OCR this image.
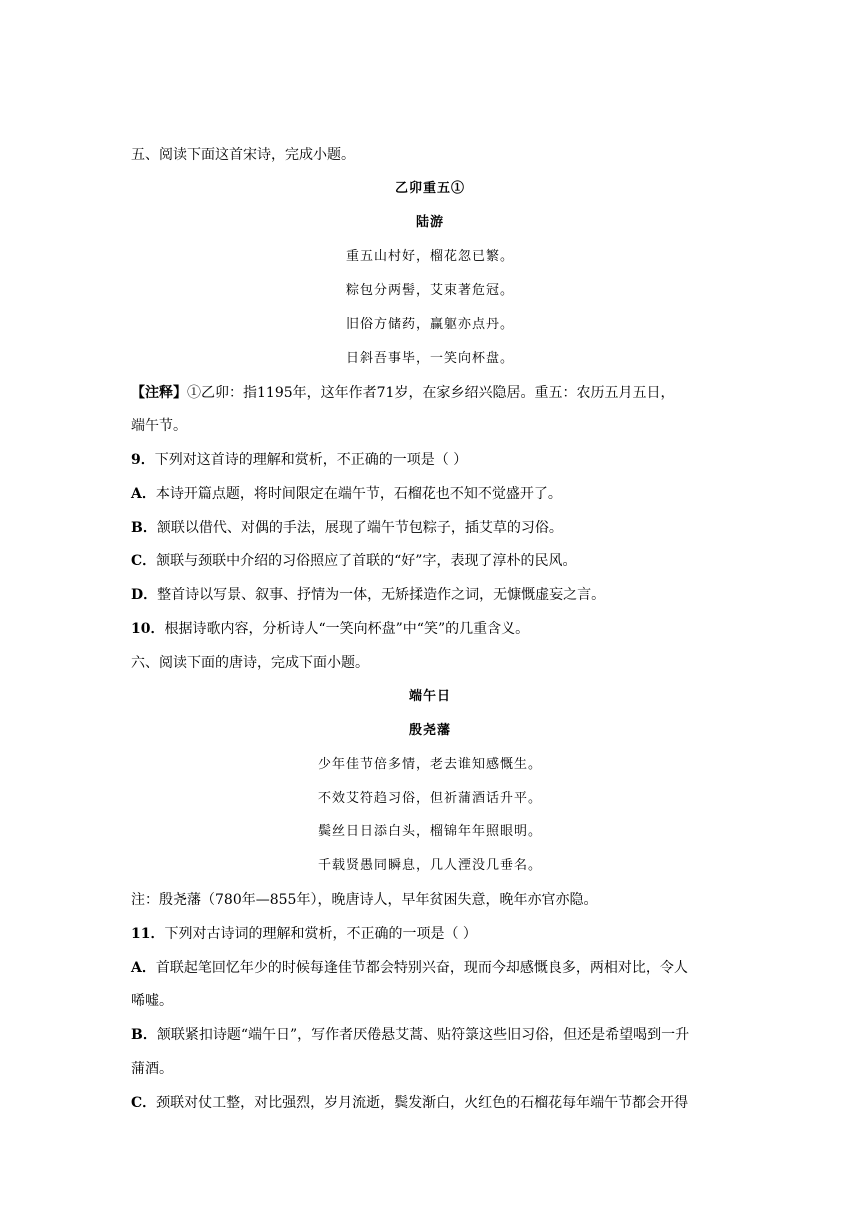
五、阅读下面这首宋诗，完成小题。
乙卯重五①
陆游
重五山村好，榴花忽已繁。
粽包分两髻，艾束著危冠。
旧俗方储药，赢躯亦点丹。
日斜吾事毕，一笑向杯盘。
【注释】①乙卯：指1195年，这年作者71岁，在家乡绍兴隐居。重五：农历五月五日，
端午节。
9．下列对这首诗的理解和赏析，不正确的一项是（ ）
A．本诗开篇点题，将时间限定在端午节，石榴花也不知不觉盛开了。
B．颔联以借代、对偶的手法，展现了端午节包粽子，插艾草的习俗。
C．颔联与颈联中介绍的习俗照应了首联的“好”字，表现了淳朴的民风。
D．整首诗以写景、叙事、抒情为一体，无矫揉造作之词，无慷慨虚妄之言。
10．根据诗歌内容，分析诗人“一笑向杯盘”中“笑”的几重含义。
六、阅读下面的唐诗，完成下面小题。
端午日
殷尧藩
少年佳节倍多情，老去谁知感慨生。
不效艾符趋习俗，但祈蒲酒话升平。
鬓丝日日添白头，榴锦年年照眼明。
千载贤愚同瞬息，几人湮没几垂名。
注：殷尧藩（780年—855年），晚唐诗人，早年贫困失意，晚年亦官亦隐。
11．下列对古诗词的理解和赏析，不正确的一项是（ ）
A．首联起笔回忆年少的时候每逢佳节都会特别兴奋，现而今却感慨良多，两相对比，令人
唏嘘。
B．颔联紧扣诗题“端午日”，写作者厌倦悬艾蒿、贴符箓这些旧习俗，但还是希望喝到一升
蒲酒。
C．颈联对仗工整，对比强烈，岁月流逝，鬓发渐白，火红色的石榴花每年端午节都会开得
